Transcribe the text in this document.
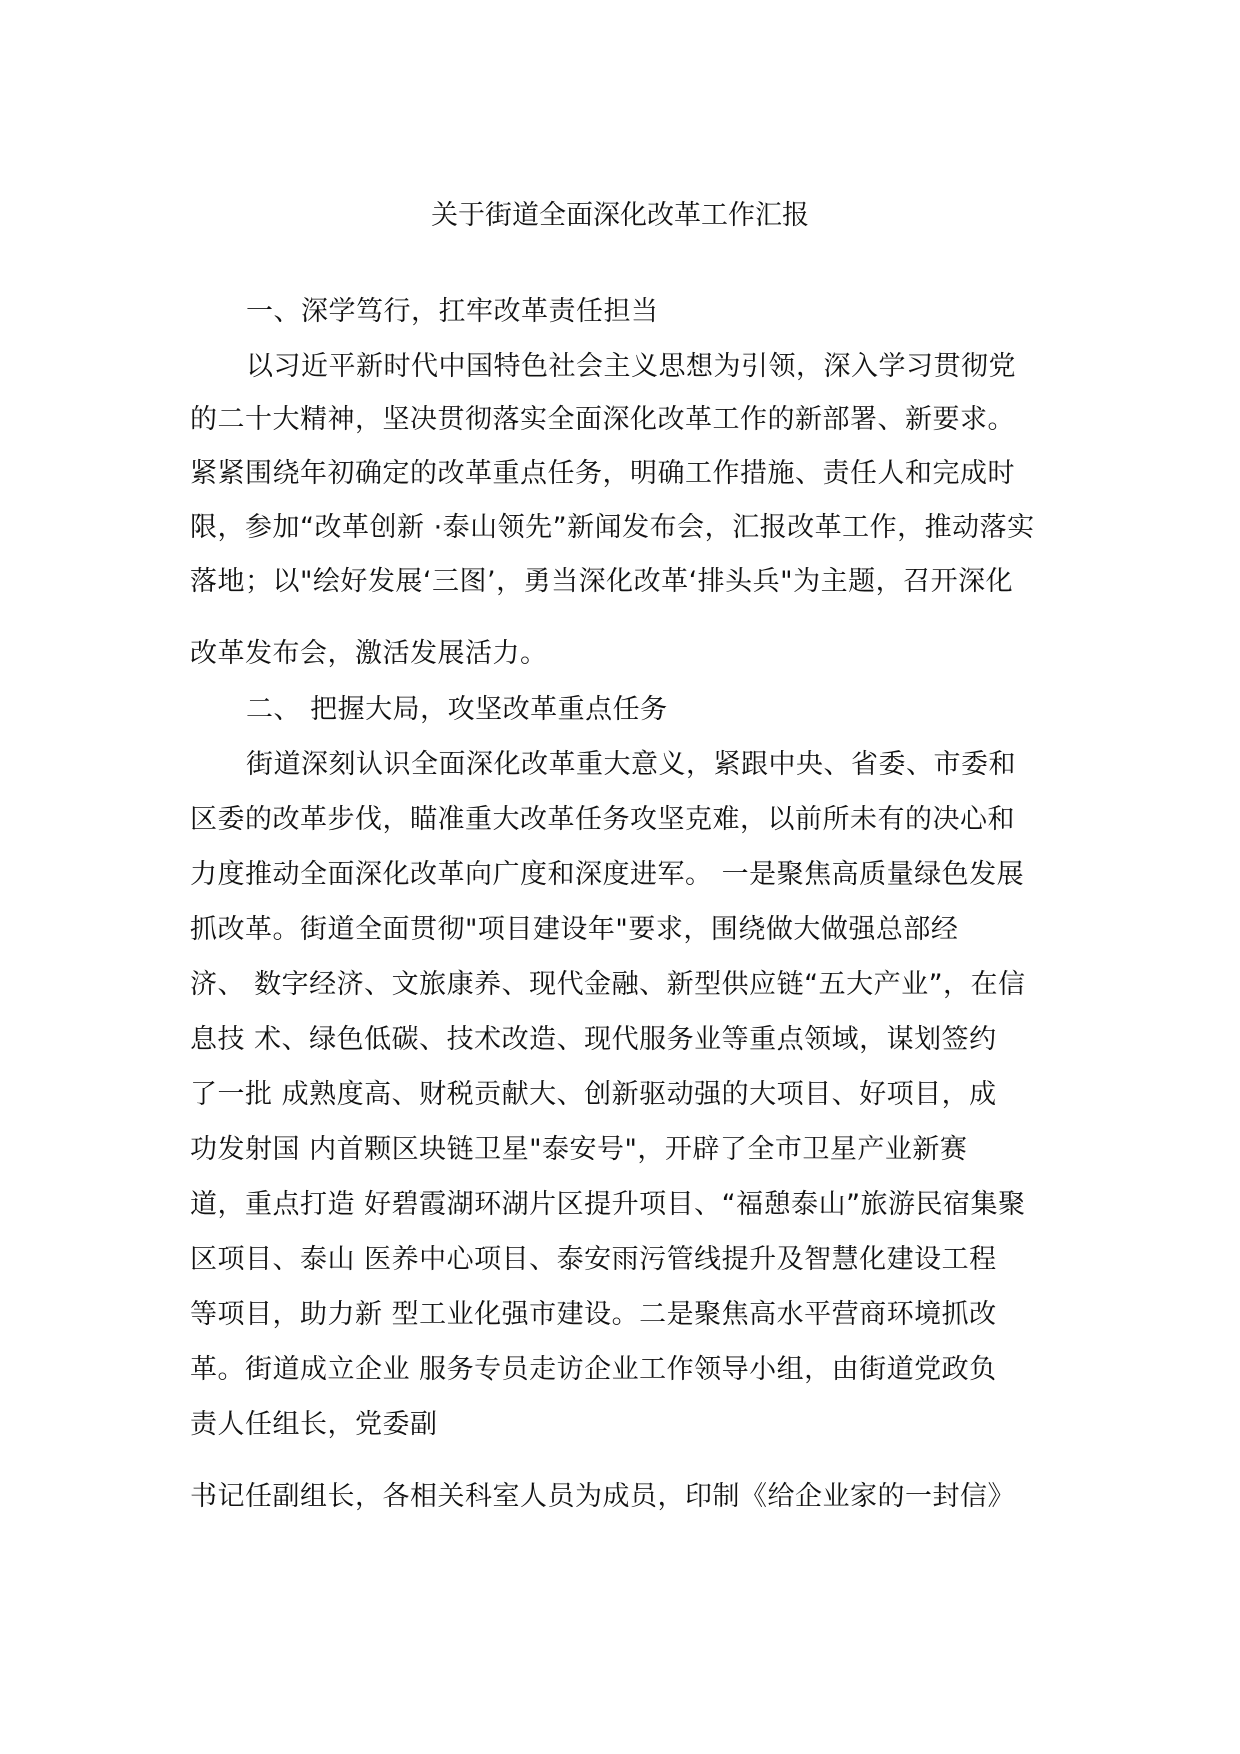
关于街道全面深化改革工作汇报
一、深学笃行，扛牢改革责任担当
以习近平新时代中国特色社会主义思想为引领，深入学习贯彻党
的二十大精神，坚决贯彻落实全面深化改革工作的新部署、新要求。
紧紧围绕年初确定的改革重点任务，明确工作措施、责任人和完成时
限，参加“改革创新 ·泰山领先”新闻发布会，汇报改革工作，推动落实
落地；以"绘好发展‘三图’，勇当深化改革‘排头兵"为主题，召开深化
改革发布会，激活发展活力。
二、 把握大局，攻坚改革重点任务
街道深刻认识全面深化改革重大意义，紧跟中央、省委、市委和
区委的改革步伐，瞄准重大改革任务攻坚克难，以前所未有的决心和
力度推动全面深化改革向广度和深度进军。 一是聚焦高质量绿色发展
抓改革。街道全面贯彻"项目建设年"要求，围绕做大做强总部经
济、 数字经济、文旅康养、现代金融、新型供应链“五大产业”，在信
息技 术、绿色低碳、技术改造、现代服务业等重点领域，谋划签约
了一批 成熟度高、财税贡献大、创新驱动强的大项目、好项目，成
功发射国 内首颗区块链卫星"泰安号"，开辟了全市卫星产业新赛
道，重点打造 好碧霞湖环湖片区提升项目、“福憩泰山”旅游民宿集聚
区项目、泰山 医养中心项目、泰安雨污管线提升及智慧化建设工程
等项目，助力新 型工业化强市建设。二是聚焦高水平营商环境抓改
革。街道成立企业 服务专员走访企业工作领导小组，由街道党政负
责人任组长，党委副
书记任副组长，各相关科室人员为成员，印制《给企业家的一封信》
